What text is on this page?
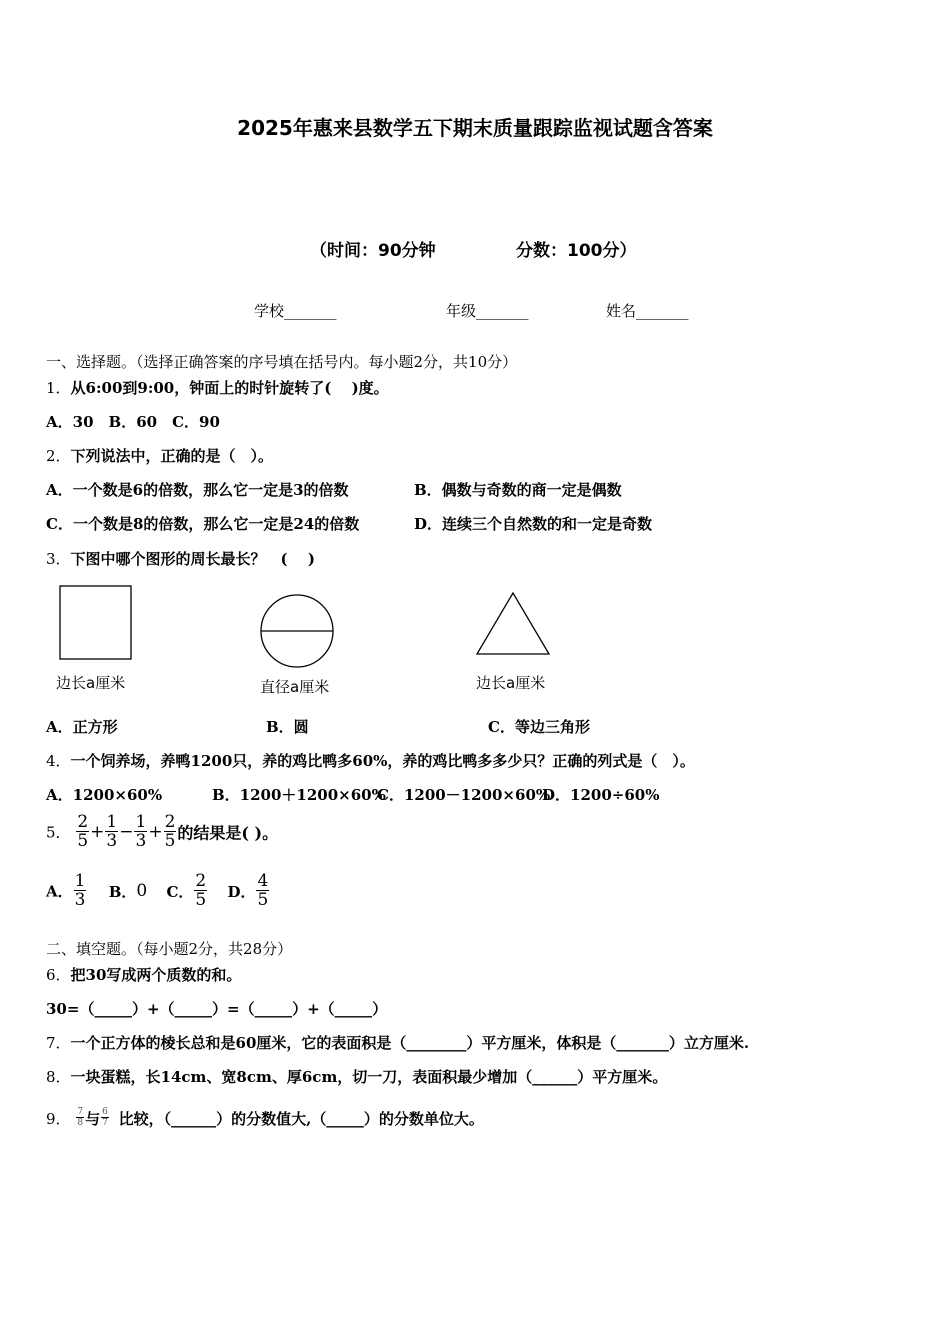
2025年惠来县数学五下期末质量跟踪监视试题含答案
（时间：90分钟	分数：100分）
学校_______	年级_______	姓名_______
一、选择题。（选择正确答案的序号填在括号内。每小题2分，共10分）
1．从6:00到9:00，钟面上的时针旋转了(　 )度。
A．30　B．60　C．90
2．下列说法中，正确的是（　）。
A．一个数是6的倍数，那么它一定是3的倍数	B．偶数与奇数的商一定是偶数
C．一个数是8的倍数，那么它一定是24的倍数	D．连续三个自然数的和一定是奇数
3．下图中哪个图形的周长最长？　(　 )
边长a厘米	直径a厘米	边长a厘米
A．正方形	B．圆	C．等边三角形
4．一个饲养场，养鸭1200只，养的鸡比鸭多60%，养的鸡比鸭多多少只？正确的列式是（　）。
A．1200×60%	B．1200＋1200×60%
C．1200－1200×60%
D．1200÷60%
5． $\frac{2}{5} + \frac{1}{3} - \frac{1}{3} + \frac{2}{5}$ 的结果是( )。
A． $\frac{1}{3}$ B．0 C． $\frac{2}{5}$ D． $\frac{4}{5}$
二、填空题。（每小题2分，共28分）
6．把30写成两个质数的和。
30=（_____）+（_____）=（_____）+（_____）
7．一个正方体的棱长总和是60厘米，它的表面积是（________）平方厘米，体积是（_______）立方厘米.
8．一块蛋糕，长14cm、宽8cm、厚6cm，切一刀，表面积最少增加（______）平方厘米。
9． $\frac{7}{8}$ 与 $\frac{6}{7}$ 比较，（______）的分数值大,（_____）的分数单位大。
